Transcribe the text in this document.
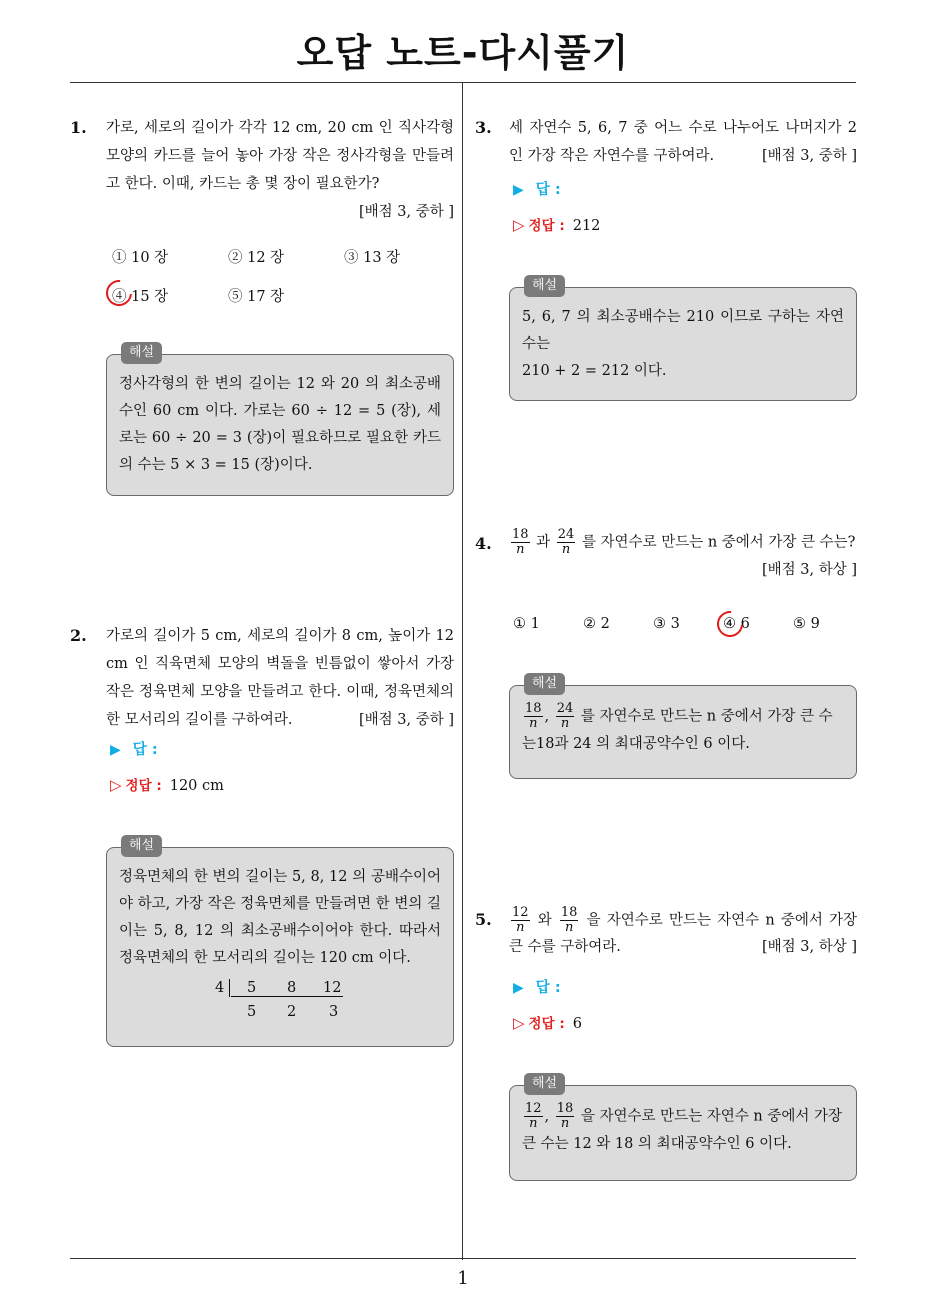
오답 노트-다시풀기
1
1. 가로, 세로의 길이가 각각 12 cm, 20 cm 인 직사각형 모양의 카드를 늘어 놓아 가장 작은 정사각형을 만들려고 한다. 이때, 카드는 총 몇 장이 필요한가?
[배점 3, 중하 ]
① 10 장	② 12 장	③ 13 장
④ 15 장	⑤ 17 장
해설
정사각형의 한 변의 길이는 12 와 20 의 최소공배수인 60 cm 이다. 가로는 60 ÷ 12 = 5 (장), 세로는 60 ÷ 20 = 3 (장)이 필요하므로 필요한 카드의 수는 5 × 3 = 15 (장)이다.
2. 가로의 길이가 5 cm, 세로의 길이가 8 cm, 높이가 12 cm 인 직육면체 모양의 벽돌을 빈틈없이 쌓아서 가장 작은 정육면체 모양을 만들려고 한다. 이때, 정육면체의 한 모서리의 길이를 구하여라.	[배점 3, 중하 ]
▶ 답 :
▷ 정답 : 120 cm
해설
정육면체의 한 변의 길이는 5, 8, 12 의 공배수이어야 하고, 가장 작은 정육면체를 만들려면 한 변의 길이는 5, 8, 12 의 최소공배수이어야 한다. 따라서 정육면체의 한 모서리의 길이는 120 cm 이다.
4 5 8 12
5 2 3
3. 세 자연수 5, 6, 7 중 어느 수로 나누어도 나머지가 2 인 가장 작은 자연수를 구하여라.	[배점 3, 중하 ]
▶ 답 :
▷ 정답 : 212
해설
5, 6, 7 의 최소공배수는 210 이므로 구하는 자연수는
210 + 2 = 212 이다.
4. $\frac{18}{n}$ 과 $\frac{24}{n}$ 를 자연수로 만드는 n 중에서 가장 큰 수는?
[배점 3, 하상 ]
① 1	② 2	③ 3	④ 6	⑤ 9
해설
$\frac{18}{n}$ , $\frac{24}{n}$ 를 자연수로 만드는 n 중에서 가장 큰 수
는18과 24 의 최대공약수인 6 이다.
5. $\frac{12}{n}$ 와 $\frac{18}{n}$ 을 자연수로 만드는 자연수 n 중에서 가장 큰 수를 구하여라.	[배점 3, 하상 ]
▶ 답 :
▷ 정답 : 6
해설
$\frac{12}{n}$ , $\frac{18}{n}$ 을 자연수로 만드는 자연수 n 중에서 가장
큰 수는 12 와 18 의 최대공약수인 6 이다.
